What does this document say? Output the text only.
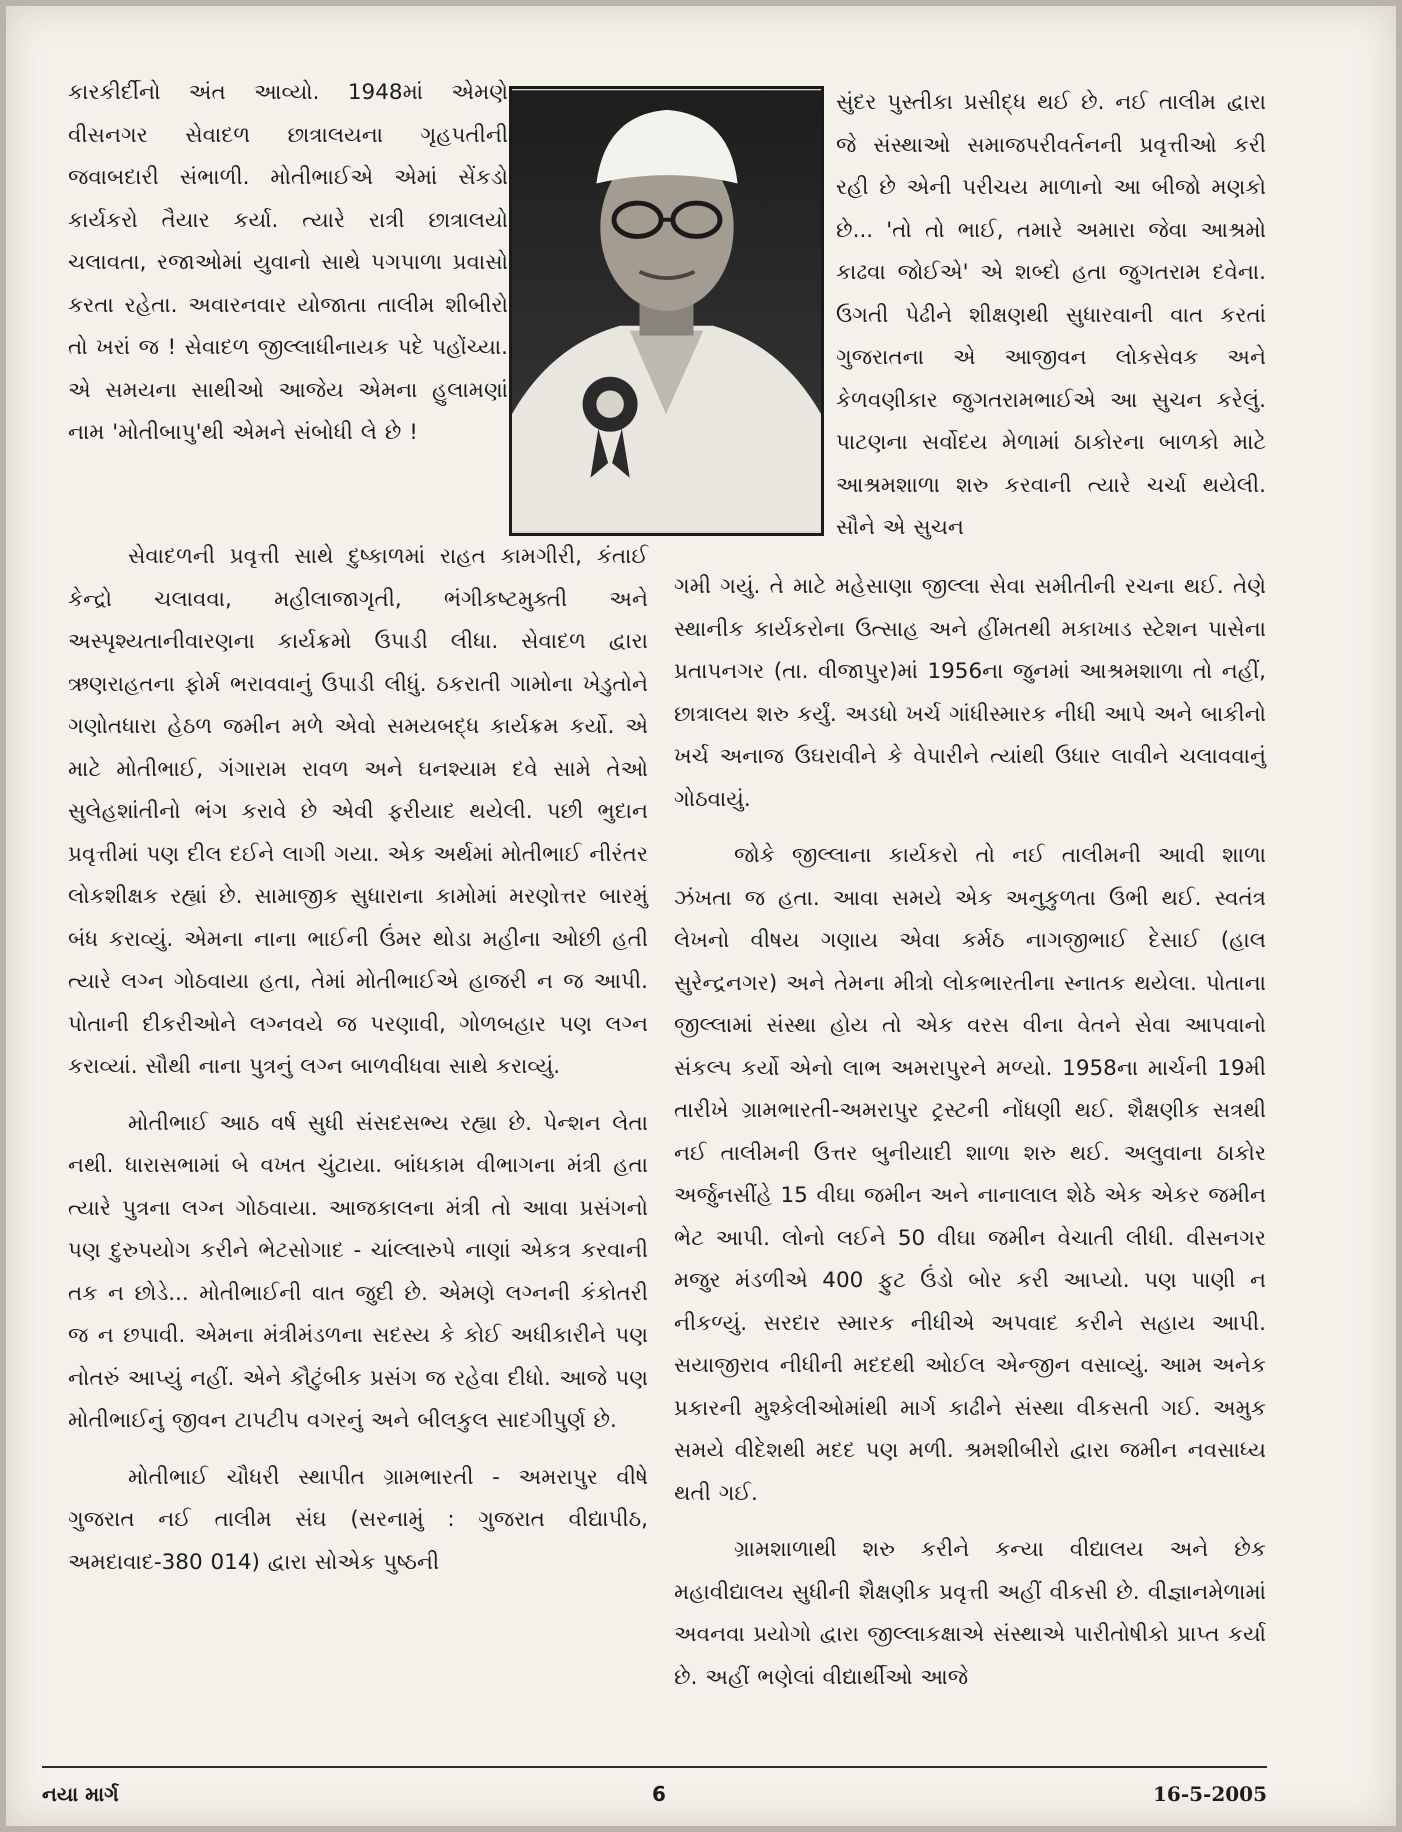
કારકીર્દીનો અંત આવ્યો. 1948માં એમણે વીસનગર સેવાદળ છાત્રાલયના ગૃહપતીની જવાબદારી સંભાળી. મોતીભાઈએ એમાં સેંકડો કાર્યકરો તૈયાર કર્યા. ત્યારે રાત્રી છાત્રાલયો ચલાવતા, રજાઓમાં યુવાનો સાથે પગપાળા પ્રવાસો કરતા રહેતા. અવારનવાર યોજાતા તાલીમ શીબીરો તો ખરાં જ ! સેવાદળ જીલ્લાધીનાયક પદે પહોંચ્યા. એ સમયના સાથીઓ આજેય એમના હુલામણાં નામ 'મોતીબાપુ'થી એમને સંબોધી લે છે !

સુંદર પુસ્તીકા પ્રસીદ્ધ થઈ છે. નઈ તાલીમ દ્વારા જે સંસ્થાઓ સમાજપરીવર્તનની પ્રવૃત્તીઓ કરી રહી છે એની પરીચય માળાનો આ બીજો મણકો છે... 'તો તો ભાઈ, તમારે અમારા જેવા આશ્રમો કાઢવા જોઈએ' એ શબ્દો હતા જુગતરામ દવેના. ઉગતી પેઢીને શીક્ષણથી સુધારવાની વાત કરતાં ગુજરાતના એ આજીવન લોકસેવક અને કેળવણીકાર જુગતરામભાઈએ આ સુચન કરેલું. પાટણના સર્વોદય મેળામાં ઠાકોરના બાળકો માટે આશ્રમશાળા શરુ કરવાની ત્યારે ચર્ચા થયેલી. સૌને એ સુચન

સેવાદળની પ્રવૃત્તી સાથે દુષ્કાળમાં રાહત કામગીરી, કંતાઈ કેન્દ્રો ચલાવવા, મહીલાજાગૃતી, ભંગીકષ્ટમુક્તી અને અસ્પૃશ્યતાનીવારણના કાર્યક્રમો ઉપાડી લીધા. સેવાદળ દ્વારા ઋણરાહતના ફોર્મ ભરાવવાનું ઉપાડી લીધું. ઠકરાતી ગામોના ખેડુતોને ગણોતધારા હેઠળ જમીન મળે એવો સમયબદ્ધ કાર્યક્રમ કર્યો. એ માટે મોતીભાઈ, ગંગારામ રાવળ અને ઘનશ્યામ દવે સામે તેઓ સુલેહશાંતીનો ભંગ કરાવે છે એવી ફરીયાદ થયેલી. પછી ભુદાન પ્રવૃત્તીમાં પણ દીલ દઈને લાગી ગયા. એક અર્થમાં મોતીભાઈ નીરંતર લોકશીક્ષક રહ્યાં છે. સામાજીક સુધારાના કામોમાં મરણોત્તર બારમું બંધ કરાવ્યું. એમના નાના ભાઈની ઉંમર થોડા મહીના ઓછી હતી ત્યારે લગ્ન ગોઠવાયા હતા, તેમાં મોતીભાઈએ હાજરી ન જ આપી. પોતાની દીકરીઓને લગ્નવયે જ પરણાવી, ગોળબહાર પણ લગ્ન કરાવ્યાં. સૌથી નાના પુત્રનું લગ્ન બાળવીધવા સાથે કરાવ્યું.

મોતીભાઈ આઠ વર્ષ સુધી સંસદસભ્ય રહ્યા છે. પેન્શન લેતા નથી. ધારાસભામાં બે વખત ચુંટાયા. બાંધકામ વીભાગના મંત્રી હતા ત્યારે પુત્રના લગ્ન ગોઠવાયા. આજકાલના મંત્રી તો આવા પ્રસંગનો પણ દુરુપયોગ કરીને ભેટસોગાદ - ચાંલ્લારુપે નાણાં એકત્ર કરવાની તક ન છોડે... મોતીભાઈની વાત જુદી છે. એમણે લગ્નની કંકોતરી જ ન છપાવી. એમના મંત્રીમંડળના સદસ્ય કે કોઈ અધીકારીને પણ નોતરું આપ્યું નહીં. એને કૌટુંબીક પ્રસંગ જ રહેવા દીધો. આજે પણ મોતીભાઈનું જીવન ટાપટીપ વગરનું અને બીલકુલ સાદગીપુર્ણ છે.

મોતીભાઈ ચૌધરી સ્થાપીત ગ્રામભારતી - અમરાપુર વીષે ગુજરાત નઈ તાલીમ સંઘ (સરનામું : ગુજરાત વીદ્યાપીઠ, અમદાવાદ-380 014) દ્વારા સોએક પુષ્ઠની

ગમી ગયું. તે માટે મહેસાણા જીલ્લા સેવા સમીતીની રચના થઈ. તેણે સ્થાનીક કાર્યકરોના ઉત્સાહ અને હીંમતથી મકાખાડ સ્ટેશન પાસેના પ્રતાપનગર (તા. વીજાપુર)માં 1956ના જુનમાં આશ્રમશાળા તો નહીં, છાત્રાલય શરુ કર્યું. અડધો ખર્ચ ગાંધીસ્મારક નીધી આપે અને બાકીનો ખર્ચ અનાજ ઉઘરાવીને કે વેપારીને ત્યાંથી ઉધાર લાવીને ચલાવવાનું ગોઠવાયું.

જોકે જીલ્લાના કાર્યકરો તો નઈ તાલીમની આવી શાળા ઝંખતા જ હતા. આવા સમયે એક અનુકુળતા ઉભી થઈ. સ્વતંત્ર લેખનો વીષય ગણાય એવા કર્મઠ નાગજીભાઈ દેસાઈ (હાલ સુરેન્દ્રનગર) અને તેમના મીત્રો લોકભારતીના સ્નાતક થયેલા. પોતાના જીલ્લામાં સંસ્થા હોય તો એક વરસ વીના વેતને સેવા આપવાનો સંકલ્પ કર્યો એનો લાભ અમરાપુરને મળ્યો. 1958ના માર્ચની 19મી તારીખે ગ્રામભારતી-અમરાપુર ટ્રસ્ટની નોંધણી થઈ. શૈક્ષણીક સત્રથી નઈ તાલીમની ઉત્તર બુનીયાદી શાળા શરુ થઈ. અલુવાના ઠાકોર અર્જુનસીંહે 15 વીઘા જમીન અને નાનાલાલ શેઠે એક એકર જમીન ભેટ આપી. લોનો લઈને 50 વીઘા જમીન વેચાતી લીધી. વીસનગર મજુર મંડળીએ 400 ફુટ ઉંડો બોર કરી આપ્યો. પણ પાણી ન નીકળ્યું. સરદાર સ્મારક નીધીએ અપવાદ કરીને સહાય આપી. સયાજીરાવ નીધીની મદદથી ઓઈલ એન્જીન વસાવ્યું. આમ અનેક પ્રકારની મુશ્કેલીઓમાંથી માર્ગ કાઢીને સંસ્થા વીકસતી ગઈ. અમુક સમયે વીદેશથી મદદ પણ મળી. શ્રમશીબીરો દ્વારા જમીન નવસાધ્ય થતી ગઈ.

ગ્રામશાળાથી શરુ કરીને કન્યા વીદ્યાલય અને છેક મહાવીદ્યાલય સુધીની શૈક્ષણીક પ્રવૃત્તી અહીં વીકસી છે. વીજ્ઞાનમેળામાં અવનવા પ્રયોગો દ્વારા જીલ્લાકક્ષાએ સંસ્થાએ પારીતોષીકો પ્રાપ્ત કર્યા છે. અહીં ભણેલાં વીદ્યાર્થીઓ આજે

નયા માર્ગ	6	16-5-2005
